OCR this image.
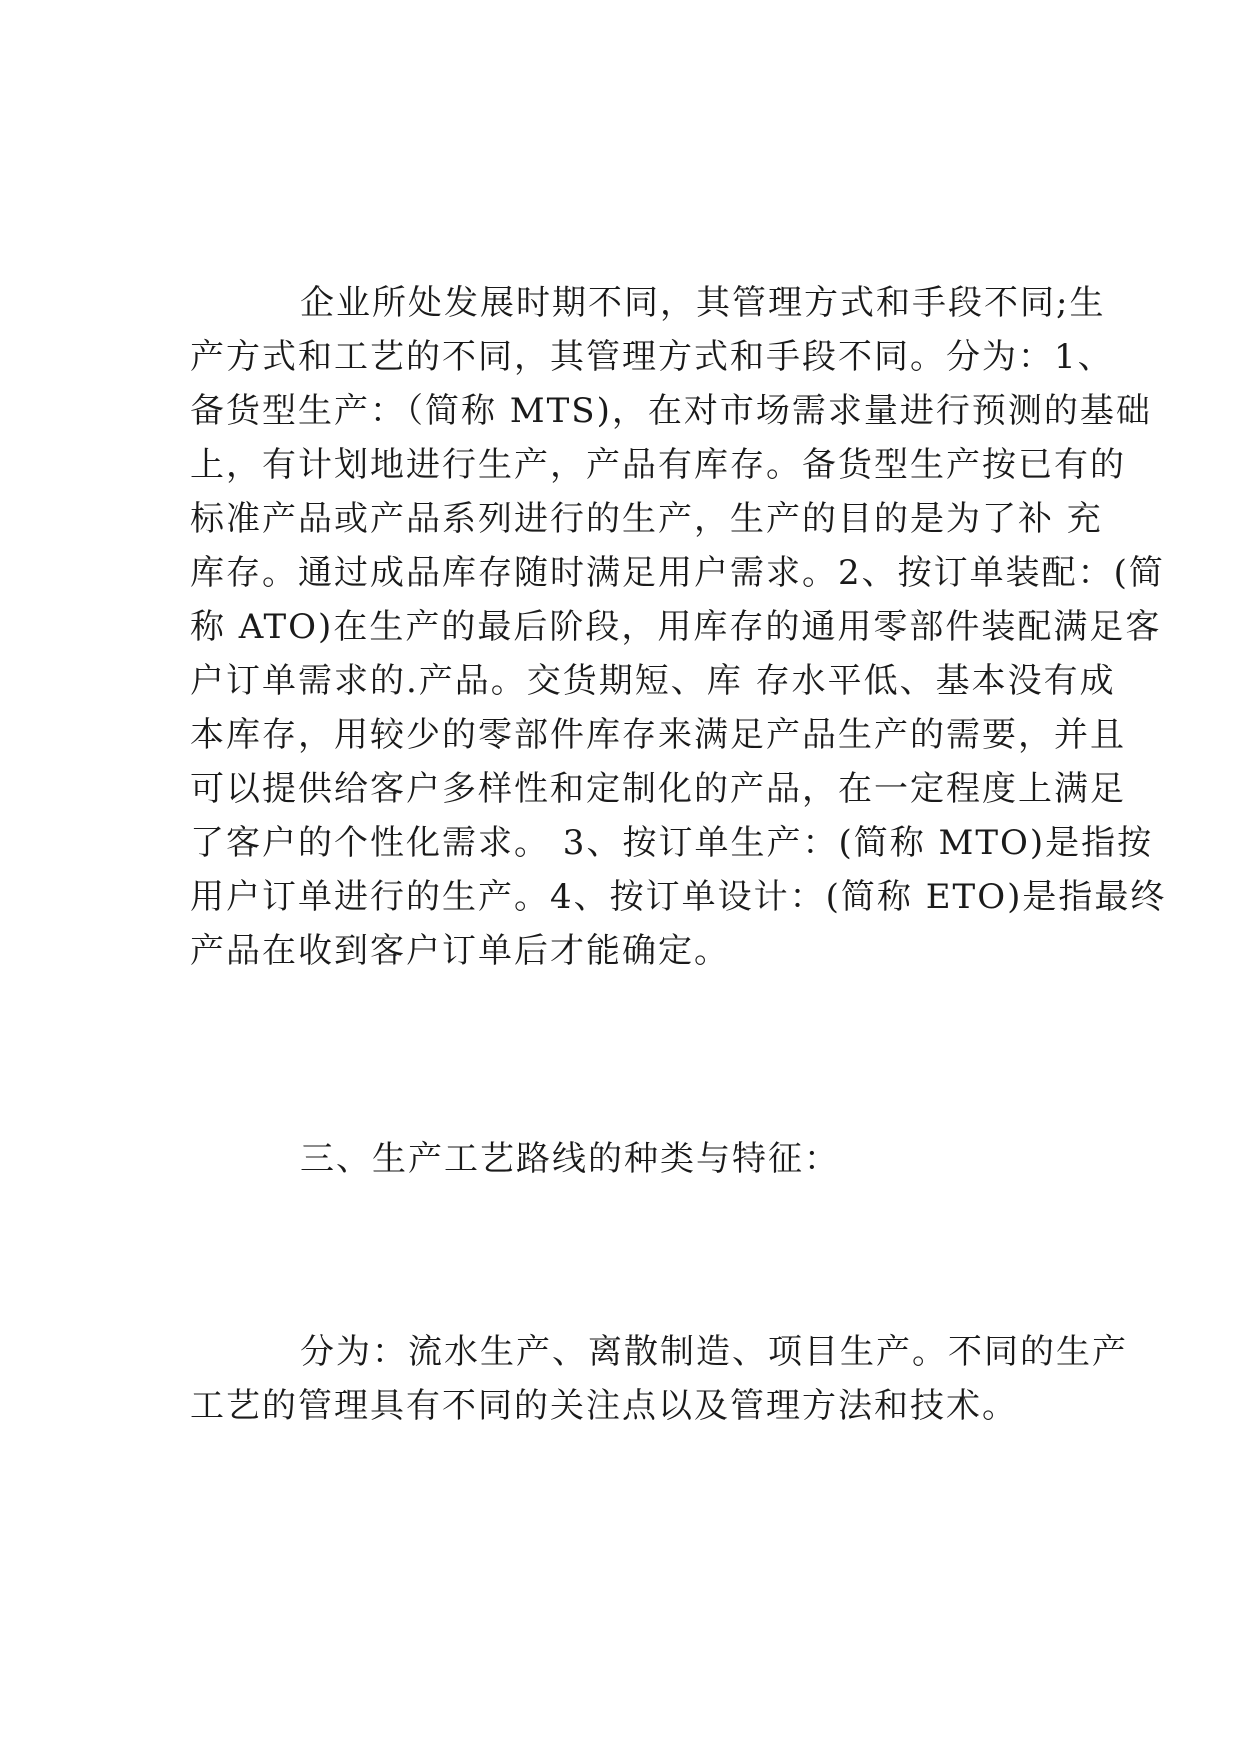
企业所处发展时期不同，其管理方式和手段不同;生
产方式和工艺的不同，其管理方式和手段不同。分为：1、
备货型生产：（简称 MTS)，在对市场需求量进行预测的基础
上，有计划地进行生产，产品有库存。备货型生产按已有的
标准产品或产品系列进行的生产，生产的目的是为了补 充
库存。通过成品库存随时满足用户需求。2、按订单装配：(简
称 ATO)在生产的最后阶段，用库存的通用零部件装配满足客
户订单需求的.产品。交货期短、库 存水平低、基本没有成
本库存，用较少的零部件库存来满足产品生产的需要，并且
可以提供给客户多样性和定制化的产品，在一定程度上满足
了客户的个性化需求。 3、按订单生产：(简称 MTO)是指按
用户订单进行的生产。4、按订单设计：(简称 ETO)是指最终
产品在收到客户订单后才能确定。
三、生产工艺路线的种类与特征：
分为：流水生产、离散制造、项目生产。不同的生产
工艺的管理具有不同的关注点以及管理方法和技术。
